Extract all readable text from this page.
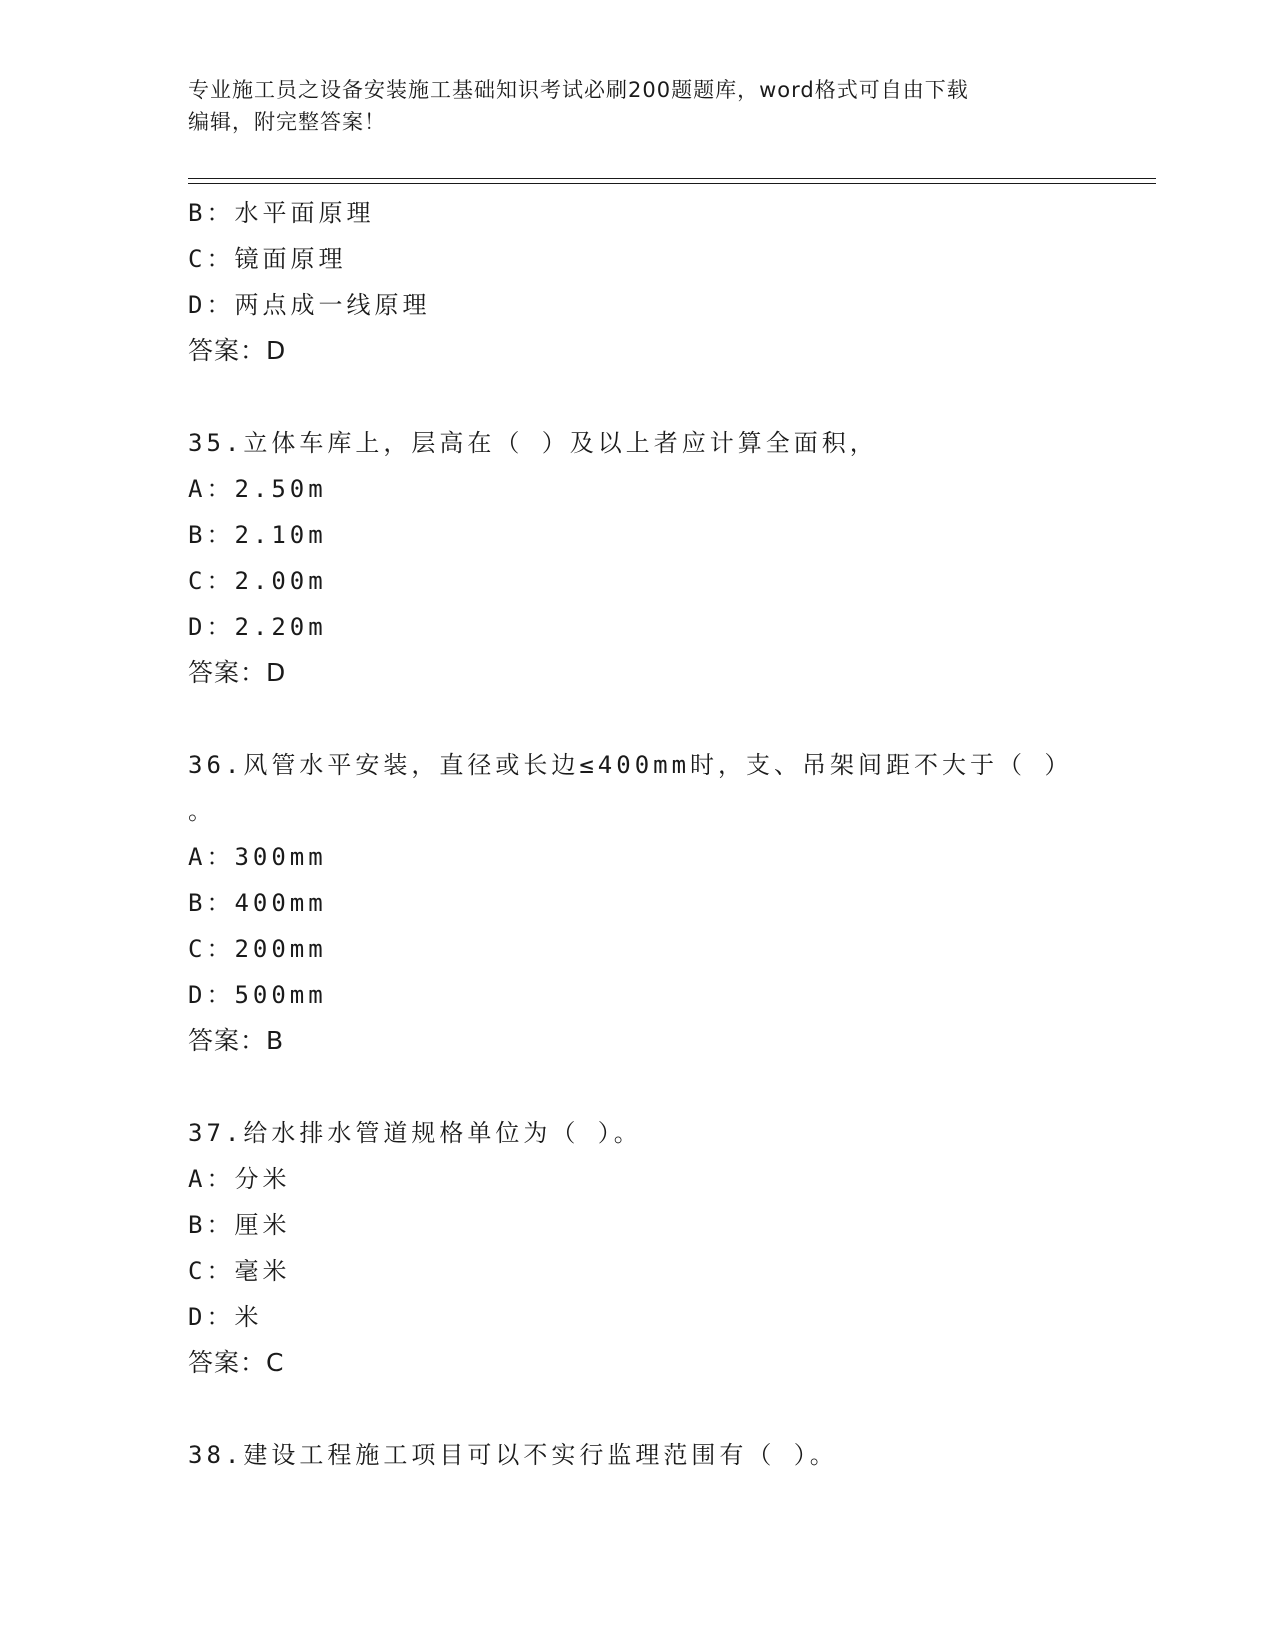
专业施工员之设备安装施工基础知识考试必刷200题题库，word格式可自由下载
编辑，附完整答案！
B：水平面原理
C：镜面原理
D：两点成一线原理
答案：D
35.立体车库上，层高在（ ）及以上者应计算全面积，
A：2.50m
B：2.10m
C：2.00m
D：2.20m
答案：D
36.风管水平安装，直径或长边≤400mm时，支、吊架间距不大于（ ）
。
A：300mm
B：400mm
C：200mm
D：500mm
答案：B
37.给水排水管道规格单位为（ ）。
A：分米
B：厘米
C：毫米
D：米
答案：C
38.建设工程施工项目可以不实行监理范围有（ ）。
